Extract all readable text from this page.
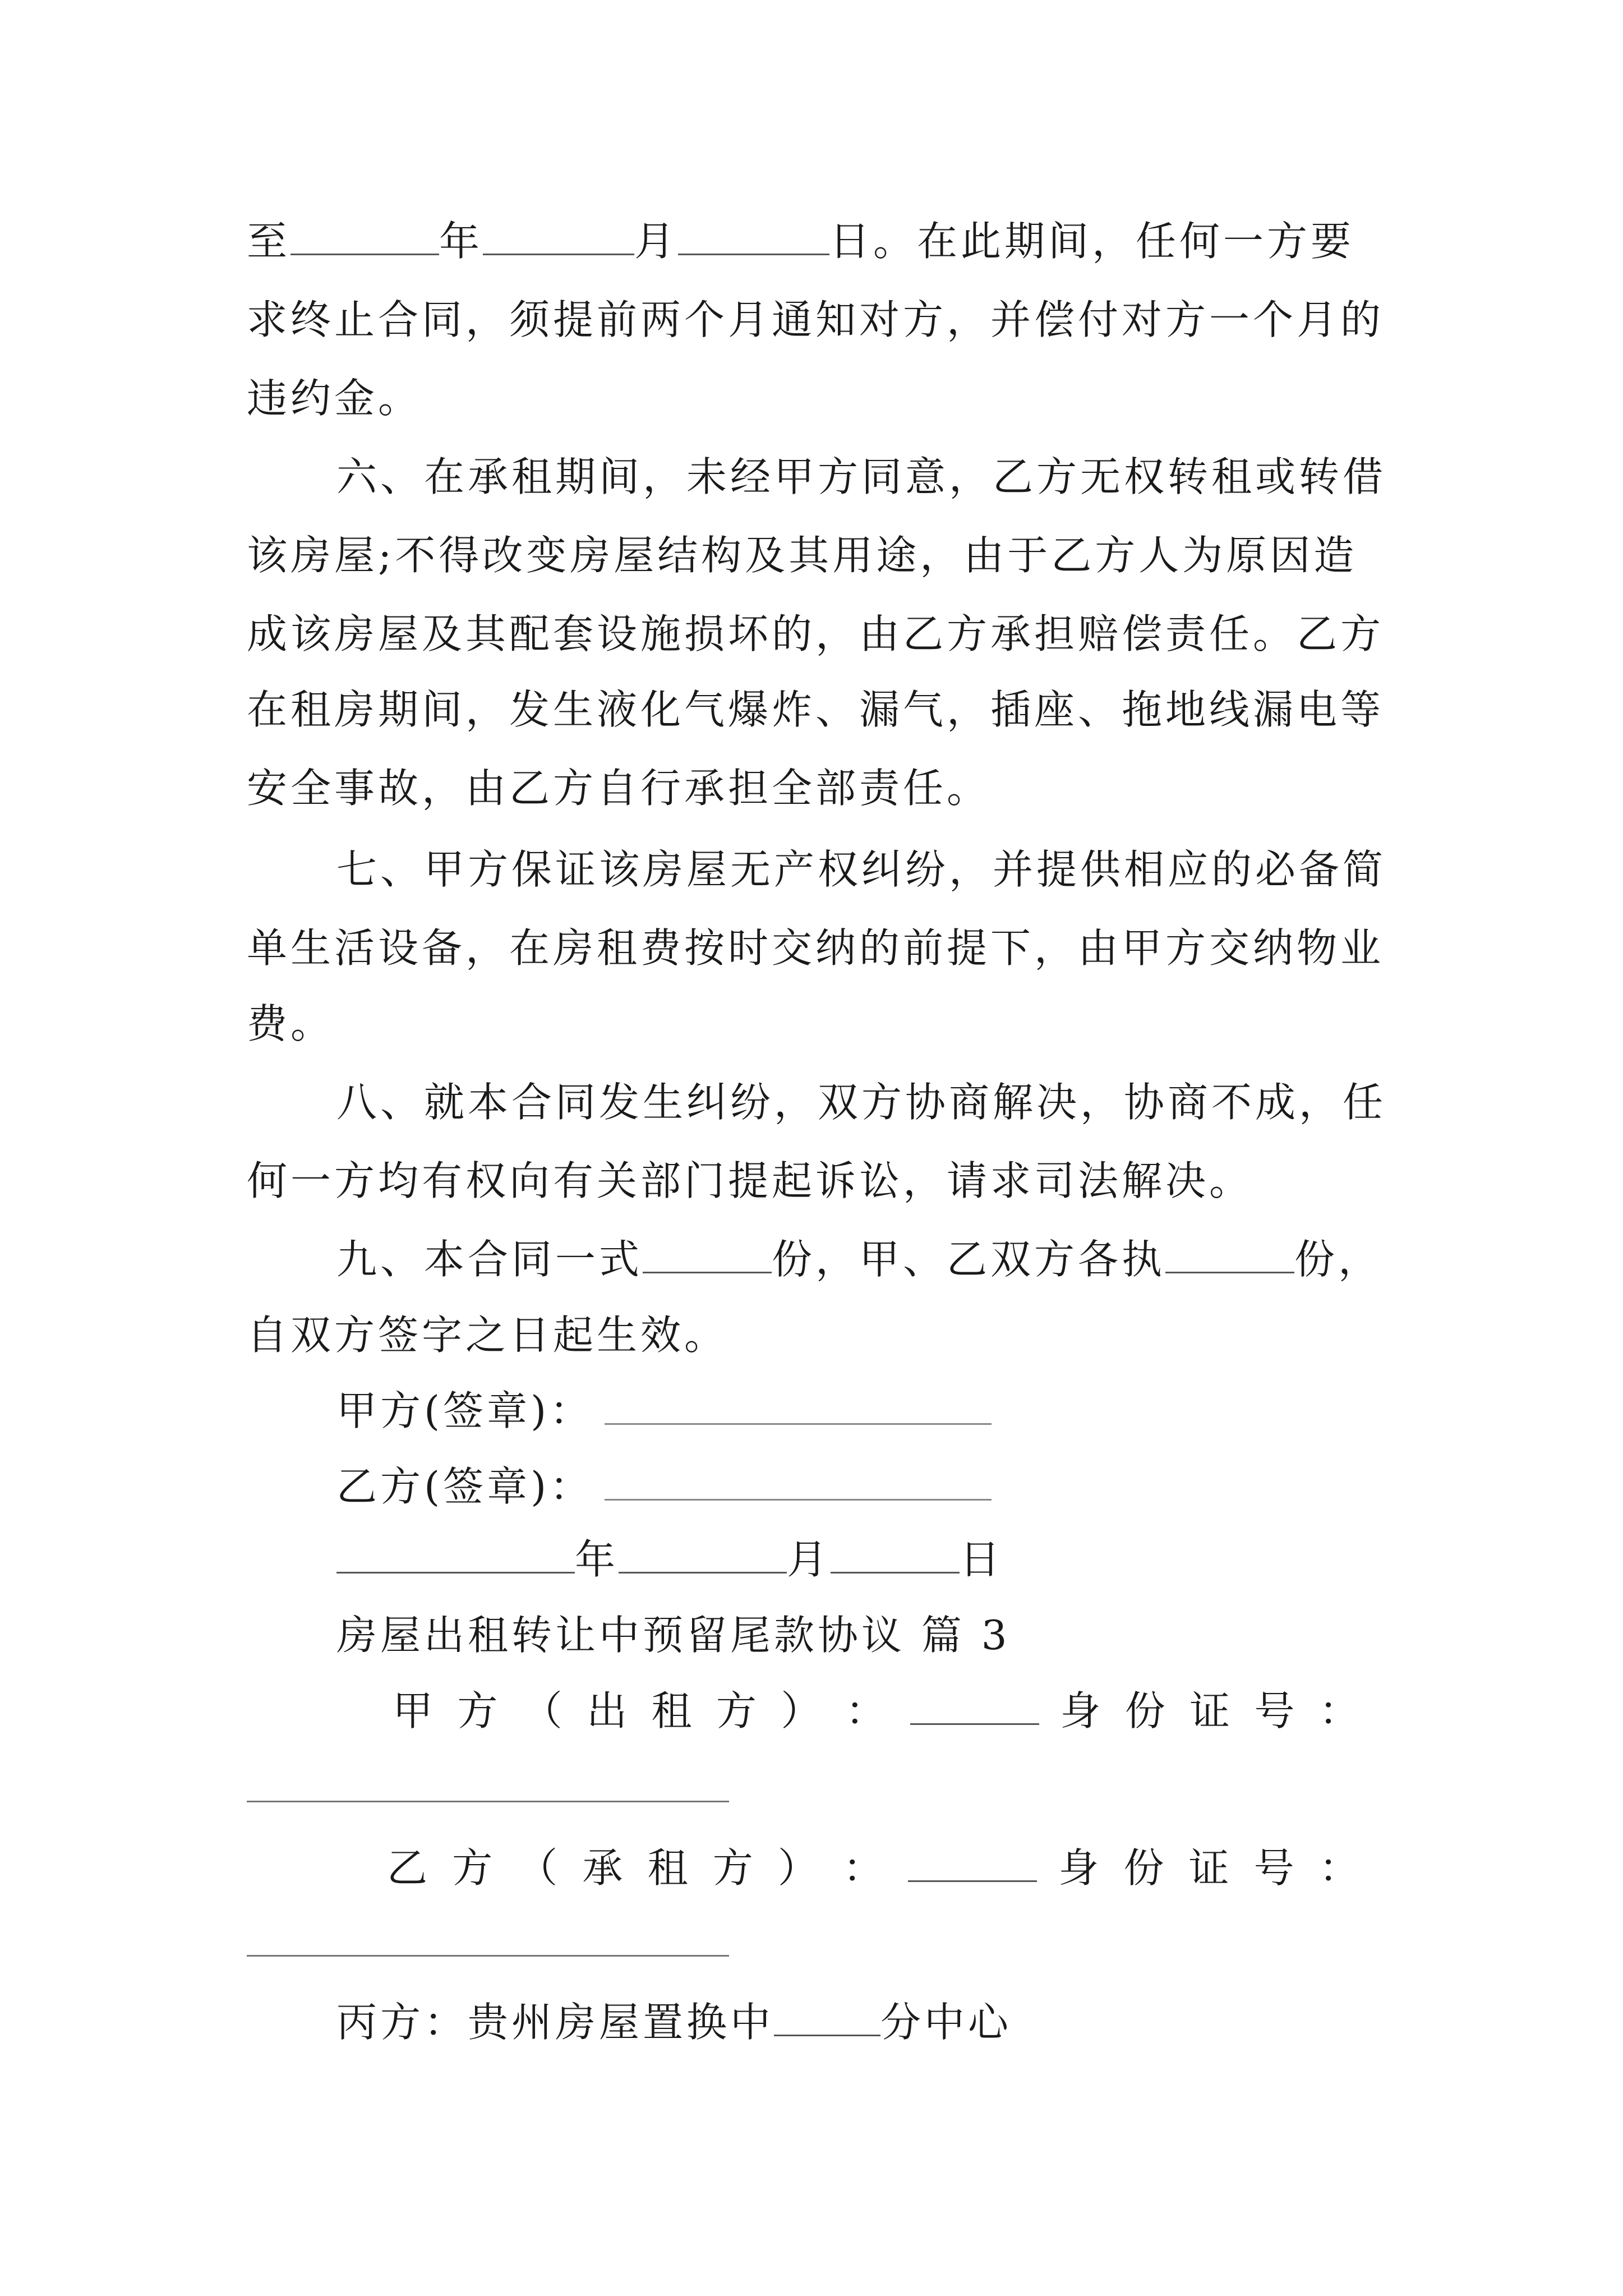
至	年	月	日。在此期间，任何一方要
求终止合同，须提前两个月通知对方，并偿付对方一个月的
违约金。
六、在承租期间，未经甲方同意，乙方无权转租或转借
该房屋;不得改变房屋结构及其用途，由于乙方人为原因造
成该房屋及其配套设施损坏的，由乙方承担赔偿责任。乙方
在租房期间，发生液化气爆炸、漏气，插座、拖地线漏电等
安全事故，由乙方自行承担全部责任。
七、甲方保证该房屋无产权纠纷，并提供相应的必备简
单生活设备，在房租费按时交纳的前提下，由甲方交纳物业
费。
八、就本合同发生纠纷，双方协商解决，协商不成，任
何一方均有权向有关部门提起诉讼，请求司法解决。
九、本合同一式	份，甲、乙双方各执	份，
自双方签字之日起生效。
甲方(签章)：
乙方(签章)：
年	月	日
房屋出租转让中预留尾款协议 篇 3
甲 方 （ 出 租 方 ） ：	身 份 证 号 ：
乙 方 （ 承 租 方 ） ：	身 份 证 号 ：
丙方：贵州房屋置换中	分中心
